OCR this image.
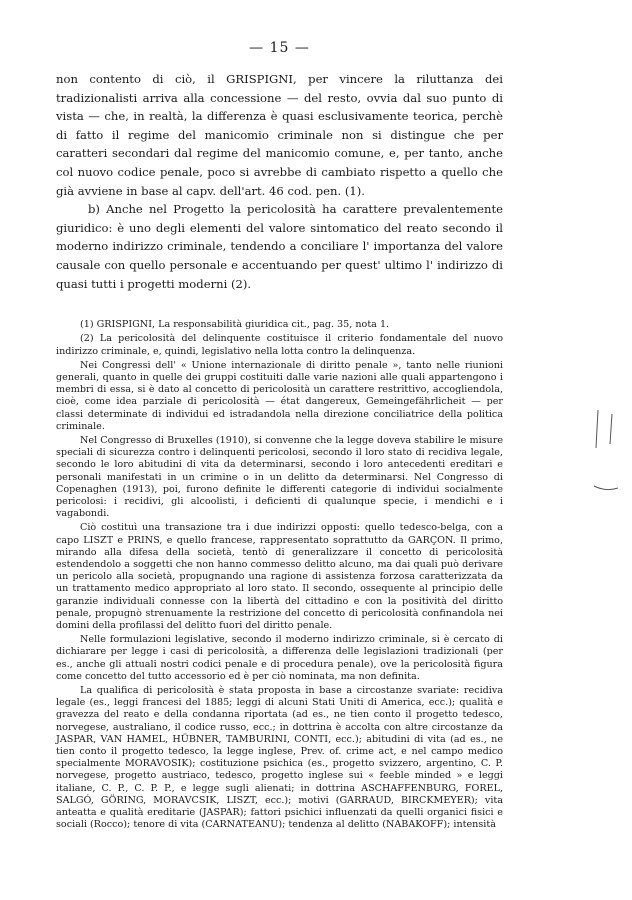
— 15 —

non contento di ciò, il GRISPIGNI, per vincere la riluttanza dei tradizionalisti arriva alla concessione — del resto, ovvia dal suo punto di vista — che, in realtà, la differenza è quasi esclusivamente teorica, perchè di fatto il regime del manicomio criminale non si distingue che per caratteri secondari dal regime del manicomio comune, e, per tanto, anche col nuovo codice penale, poco si avrebbe di cambiato rispetto a quello che già avviene in base al capv. dell'art. 46 cod. pen. (1).

b) Anche nel Progetto la pericolosità ha carattere prevalentemente giuridico: è uno degli elementi del valore sintomatico del reato secondo il moderno indirizzo criminale, tendendo a conciliare l' importanza del valore causale con quello personale e accentuando per quest' ultimo l' indirizzo di quasi tutti i progetti moderni (2).

(1) GRISPIGNI, La responsabilità giuridica cit., pag. 35, nota 1.

(2) La pericolosità del delinquente costituisce il criterio fondamentale del nuovo indirizzo criminale, e, quindi, legislativo nella lotta contro la delinquenza.

Nei Congressi dell' « Unione internazionale di diritto penale », tanto nelle riunioni generali, quanto in quelle dei gruppi costituiti dalle varie nazioni alle quali appartengono i membri di essa, si è dato al concetto di pericolosità un carattere restrittivo, accogliendola, cioè, come idea parziale di pericolosità — état dangereux, Gemeingefährlicheit — per classi determinate di individui ed istradandola nella direzione conciliatrice della politica criminale.

Nel Congresso di Bruxelles (1910), si convenne che la legge doveva stabilire le misure speciali di sicurezza contro i delinquenti pericolosi, secondo il loro stato di recidiva legale, secondo le loro abitudini di vita da determinarsi, secondo i loro antecedenti ereditari e personali manifestati in un crimine o in un delitto da determinarsi. Nel Congresso di Copenaghen (1913), poi, furono definite le differenti categorie di individui socialmente pericolosi: i recidivi, gli alcoolisti, i deficienti di qualunque specie, i mendichi e i vagabondi.

Ciò costituì una transazione tra i due indirizzi opposti: quello tedesco-belga, con a capo LISZT e PRINS, e quello francese, rappresentato soprattutto da GARÇON. Il primo, mirando alla difesa della società, tentò di generalizzare il concetto di pericolosità estendendolo a soggetti che non hanno commesso delitto alcuno, ma dai quali può derivare un pericolo alla società, propugnando una ragione di assistenza forzosa caratterizzata da un trattamento medico appropriato al loro stato. Il secondo, ossequente al principio delle garanzie individuali connesse con la libertà del cittadino e con la positività del diritto penale, propugnò strenuamente la restrizione del concetto di pericolosità confinandola nei domini della profilassi del delitto fuori del diritto penale.

Nelle formulazioni legislative, secondo il moderno indirizzo criminale, si è cercato di dichiarare per legge i casi di pericolosità, a differenza delle legislazioni tradizionali (per es., anche gli attuali nostri codici penale e di procedura penale), ove la pericolosità figura come concetto del tutto accessorio ed è per ciò nominata, ma non definita.

La qualifica di pericolosità è stata proposta in base a circostanze svariate: recidiva legale (es., leggi francesi del 1885; leggi di alcuni Stati Uniti di America, ecc.); qualità e gravezza del reato e della condanna riportata (ad es., ne tien conto il progetto tedesco, norvegese, australiano, il codice russo, ecc.; in dottrina è accolta con altre circostanze da JASPAR, VAN HAMEL, HÜBNER, TAMBURINI, CONTI, ecc.); abitudini di vita (ad es., ne tien conto il progetto tedesco, la legge inglese, Prev. of. crime act, e nel campo medico specialmente MORAVOSIK); costituzione psichica (es., progetto svizzero, argentino, C. P. norvegese, progetto austriaco, tedesco, progetto inglese sui « feeble minded » e leggi italiane, C. P., C. P. P., e legge sugli alienati; in dottrina ASCHAFFENBURG, FOREL, SALGÓ, GÖRING, MORAVCSIK, LISZT, ecc.); motivi (GARRAUD, BIRCKMEYER); vita anteatta e qualità ereditarie (JASPAR); fattori psichici influenzati da quelli organici fisici e sociali (Rocco); tenore di vita (CARNATEANU); tendenza al delitto (NABAKOFF); intensità
